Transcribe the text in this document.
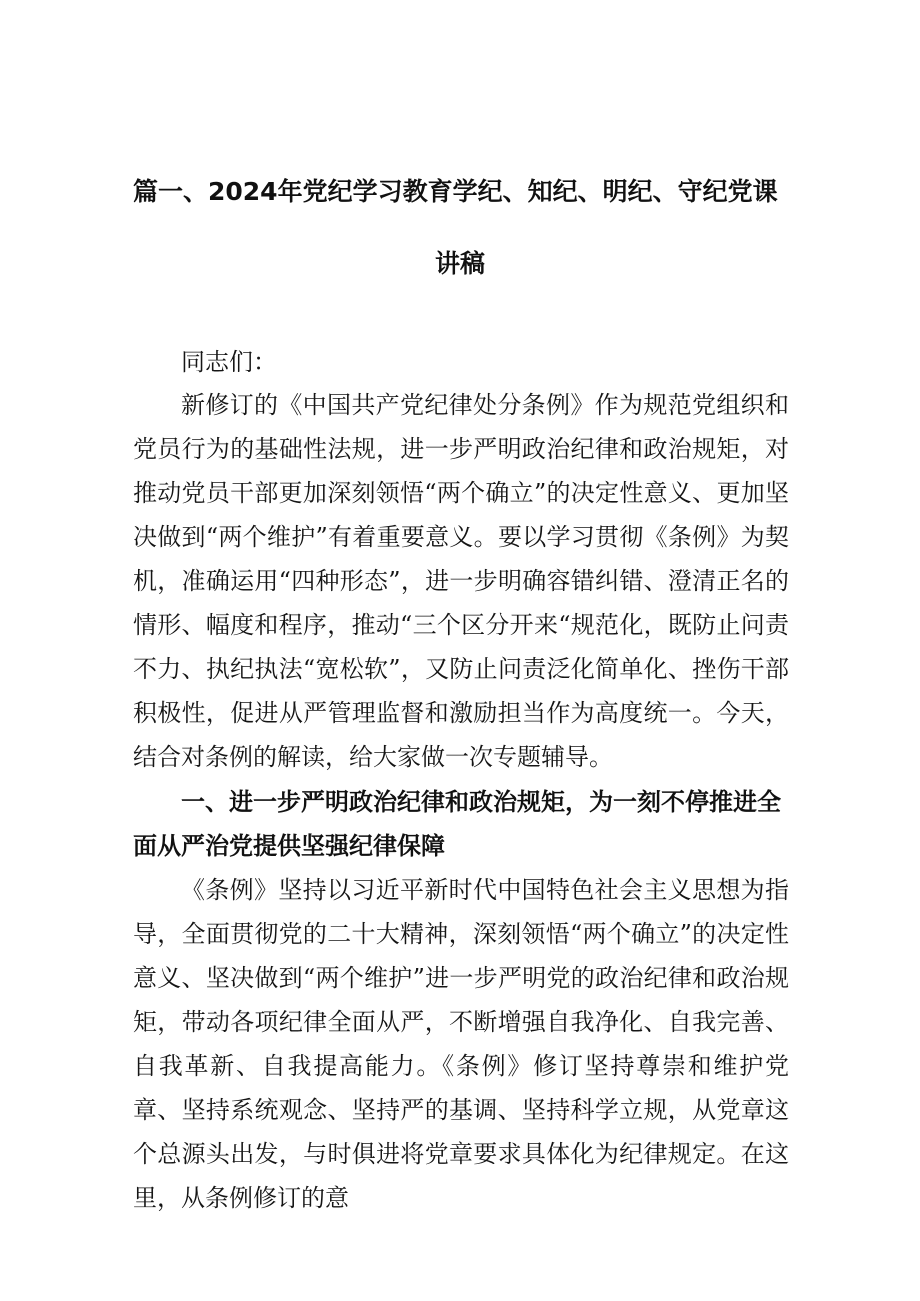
篇一、2024年党纪学习教育学纪、知纪、明纪、守纪党课
讲稿
同志们：

新修订的《中国共产党纪律处分条例》作为规范党组织和党员行为的基础性法规，进一步严明政治纪律和政治规矩，对推动党员干部更加深刻领悟“两个确立”的决定性意义、更加坚决做到“两个维护”有着重要意义。要以学习贯彻《条例》为契机，准确运用“四种形态”，进一步明确容错纠错、澄清正名的情形、幅度和程序，推动“三个区分开来“规范化，既防止问责不力、执纪执法“宽松软”，又防止问责泛化简单化、挫伤干部积极性，促进从严管理监督和激励担当作为高度统一。今天，结合对条例的解读，给大家做一次专题辅导。

一、进一步严明政治纪律和政治规矩，为一刻不停推进全面从严治党提供坚强纪律保障

《条例》坚持以习近平新时代中国特色社会主义思想为指导，全面贯彻党的二十大精神，深刻领悟“两个确立”的决定性意义、坚决做到“两个维护”进一步严明党的政治纪律和政治规矩，带动各项纪律全面从严，不断增强自我净化、自我完善、自我革新、自我提高能力。《条例》修订坚持尊崇和维护党章、坚持系统观念、坚持严的基调、坚持科学立规，从党章这个总源头出发，与时俱进将党章要求具体化为纪律规定。在这里，从条例修订的意
